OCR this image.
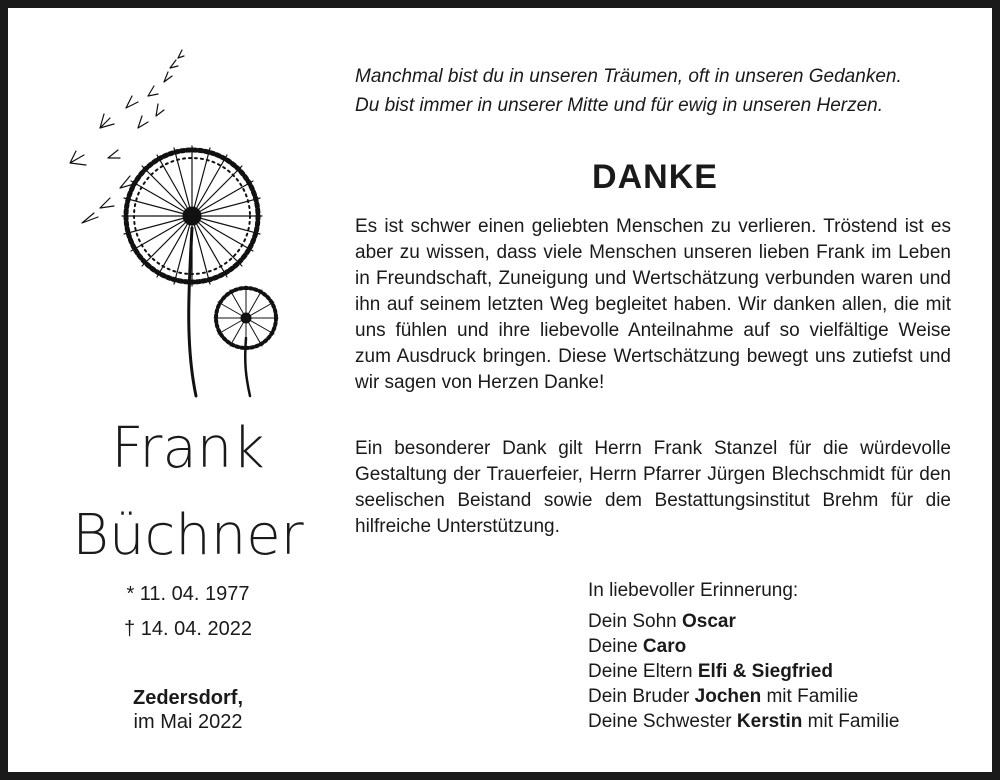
Frank
Büchner
* 11. 04. 1977
† 14. 04. 2022
Zedersdorf,
im Mai 2022
Manchmal bist du in unseren Träumen, oft in unseren Gedanken.
Du bist immer in unserer Mitte und für ewig in unseren Herzen.
DANKE
Es ist schwer einen geliebten Menschen zu verlieren. Tröstend ist es aber zu wissen, dass viele Menschen unseren lieben Frank im Leben in Freundschaft, Zuneigung und Wertschätzung verbunden waren und ihn auf seinem letzten Weg begleitet haben. Wir danken allen, die mit uns fühlen und ihre liebevolle Anteilnahme auf so vielfältige Weise zum Ausdruck bringen. Diese Wertschätzung bewegt uns zutiefst und wir sagen von Herzen Danke!
Ein besonderer Dank gilt Herrn Frank Stanzel für die würdevolle Gestaltung der Trauerfeier, Herrn Pfarrer Jürgen Blechschmidt für den seelischen Beistand sowie dem Bestattungsinstitut Brehm für die hilfreiche Unterstützung.
In liebevoller Erinnerung:
Dein Sohn Oscar
Deine Caro
Deine Eltern Elfi & Siegfried
Dein Bruder Jochen mit Familie
Deine Schwester Kerstin mit Familie
